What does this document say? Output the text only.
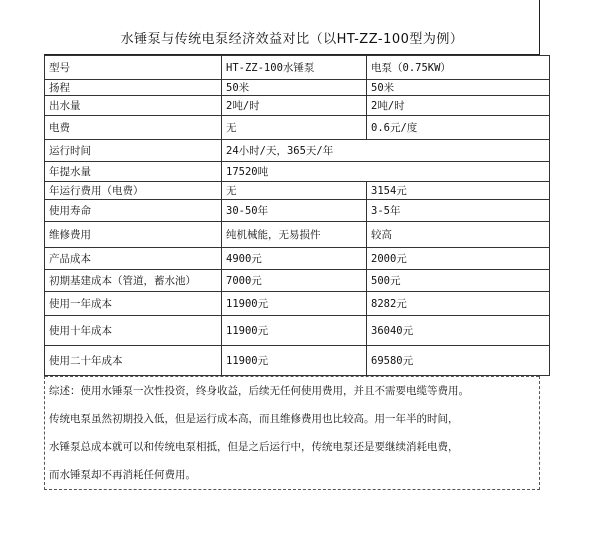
水锤泵与传统电泵经济效益对比（以HT-ZZ-100型为例）
型号	HT-ZZ-100水锤泵	电泵（0.75KW）
扬程	50米	50米
出水量	2吨/时	2吨/时
电费	无	0.6元/度
运行时间	24小时/天，365天/年	
年提水量	17520吨	
年运行费用（电费）	无	3154元
使用寿命	30-50年	3-5年
维修费用	纯机械能，无易损件	较高
产品成本	4900元	2000元
初期基建成本（管道，蓄水池）	7000元	500元
使用一年成本	11900元	8282元
使用十年成本	11900元	36040元
使用二十年成本	11900元	69580元
综述：使用水锤泵一次性投资，终身收益，后续无任何使用费用，并且不需要电缆等费用。
传统电泵虽然初期投入低，但是运行成本高，而且维修费用也比较高。用一年半的时间，
水锤泵总成本就可以和传统电泵相抵，但是之后运行中，传统电泵还是要继续消耗电费，
而水锤泵却不再消耗任何费用。
